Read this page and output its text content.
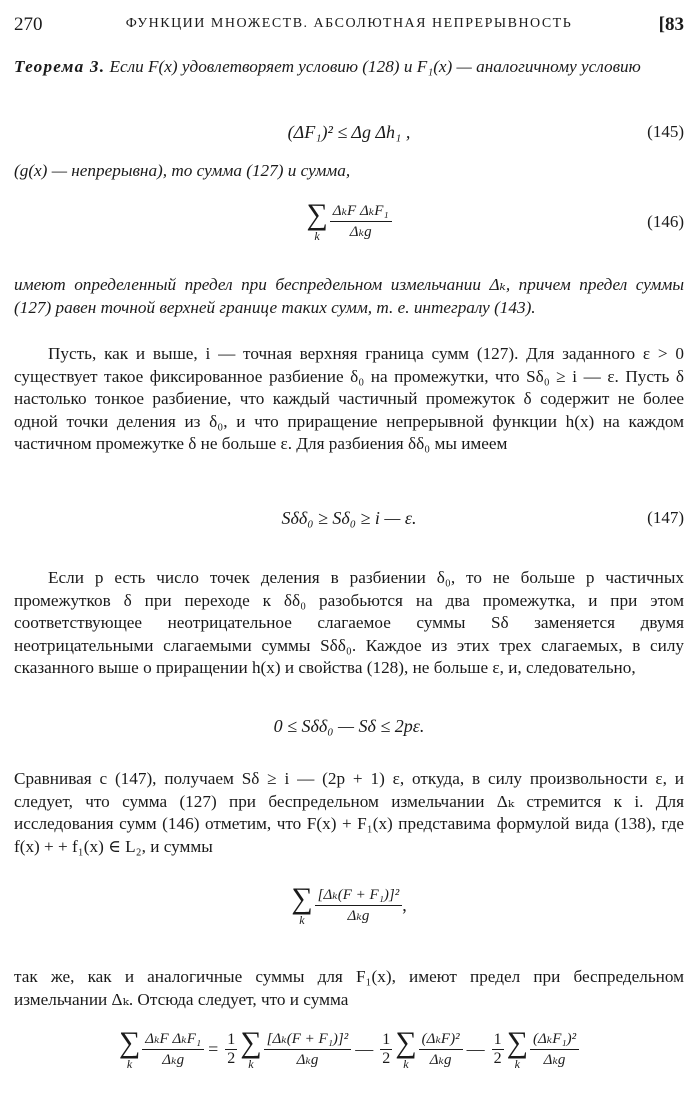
270	ФУНКЦИИ МНОЖЕСТВ. АБСОЛЮТНАЯ НЕПРЕРЫВНОСТЬ	[83
Теорема 3. Если F(x) удовлетворяет условию (128) и F₁(x) — аналогичному условию
(ΔF₁)² ≤ Δg Δh₁ ,	(145)
(g(x) — непрерывна), то сумма (127) и сумма,
∑
k $\frac{\text{ΔₖF ΔₖF₁}}{\text{Δₖg}}$	(146)
имеют определенный предел при беспредельном измельчании Δₖ, причем предел суммы (127) равен точной верхней границе таких сумм, т. е. интегралу (143).
Пусть, как и выше, i — точная верхняя граница сумм (127). Для заданного ε > 0 существует такое фиксированное разбиение δ₀ на промежутки, что Sδ₀ ≥ i — ε. Пусть δ настолько тонкое разбиение, что каждый частичный промежуток δ содержит не более одной точки деления из δ₀, и что приращение непрерывной функции h(x) на каждом частичном промежутке δ не больше ε. Для разбиения δδ₀ мы имеем
Sδδ₀ ≥ Sδ₀ ≥ i — ε.	(147)
Если p есть число точек деления в разбиении δ₀, то не больше p частичных промежутков δ при переходе к δδ₀ разобьются на два промежутка, и при этом соответствующее неотрицательное слагаемое суммы Sδ заменяется двумя неотрицательными слагаемыми суммы Sδδ₀. Каждое из этих трех слагаемых, в силу сказанного выше о приращении h(x) и свойства (128), не больше ε, и, следовательно,
0 ≤ Sδδ₀ — Sδ ≤ 2pε.
Сравнивая с (147), получаем Sδ ≥ i — (2p + 1) ε, откуда, в силу произвольности ε, и следует, что сумма (127) при беспредельном измельчании Δₖ стремится к i. Для исследования сумм (146) отметим, что F(x) + F₁(x) представима формулой вида (138), где f(x) + + f₁(x) ∈ L₂, и суммы
∑
k $\frac{\text{[Δₖ(F + F₁)]²}}{\text{Δₖg}}$ ,
так же, как и аналогичные суммы для F₁(x), имеют предел при беспредельном измельчании Δₖ. Отсюда следует, что и сумма
∑
k $\frac{\text{ΔₖF ΔₖF₁}}{\text{Δₖg}} = \frac{1}{2}$ ∑
k $\frac{\text{[Δₖ(F + F₁)]²}}{\text{Δₖg}}$ — $\frac{1}{2}$ ∑
k $\frac{\text{(ΔₖF)²}}{\text{Δₖg}}$ — $\frac{1}{2}$ ∑
k $\frac{\text{(ΔₖF₁)²}}{\text{Δₖg}}$
